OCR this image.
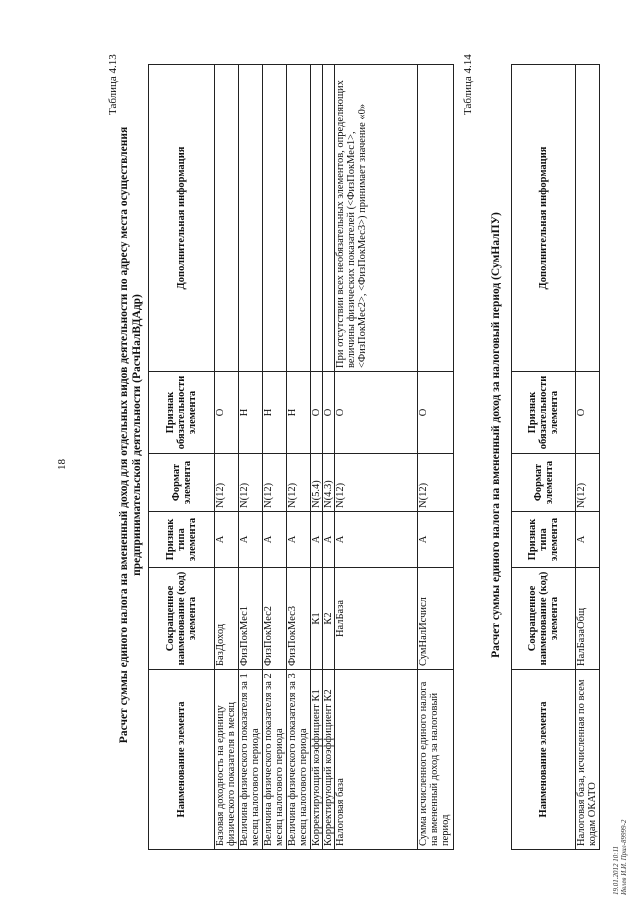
18
Таблица 4.13
Расчет суммы единого налога на вмененный доход для отдельных видов деятельности по адресу места осуществления предпринимательской деятельности (РасчНалВДАдр)
Наименование элемента	Сокращенное наименование (код) элемента	Признак типа элемента	Формат элемента	Признак обязательности элемента	Дополнительная информация
Базовая доходность на единицу физического показателя в месяц	БазДоход	А	N(12)	О	
Величина физического показателя за 1 месяц налогового периода	ФизПокМес1	А	N(12)	Н	
Величина физического показателя за 2 месяц налогового периода	ФизПокМес2	А	N(12)	Н	
Величина физического показателя за 3 месяц налогового периода	ФизПокМес3	А	N(12)	Н	
Корректирующий коэффициент К1	К1	А	N(5.4)	О	
Корректирующий коэффициент К2	К2	А	N(4.3)	О	
Налоговая база	НалБаза	А	N(12)	О	При отсутствии всех необязательных элементов, определяющих величины физических показателей (<ФизПокМес1>, <ФизПокМес2>, <ФизПокМес3>) принимает значение «0»
Сумма исчисленного единого налога на вмененный доход за налоговый период	СумНалИсчисл	А	N(12)	О	
Таблица 4.14
Расчет суммы единого налога на вмененный доход за налоговый период (СумНалПУ)
Наименование элемента	Сокращенное наименование (код) элемента	Признак типа элемента	Формат элемента	Признак обязательности элемента	Дополнительная информация
Налоговая база, исчисленная по всем кодам ОКАТО	НалБазаОбщ	А	N(12)	О	
19.01.2012 10:11 Ивлев И.И. Прил-89999-2
